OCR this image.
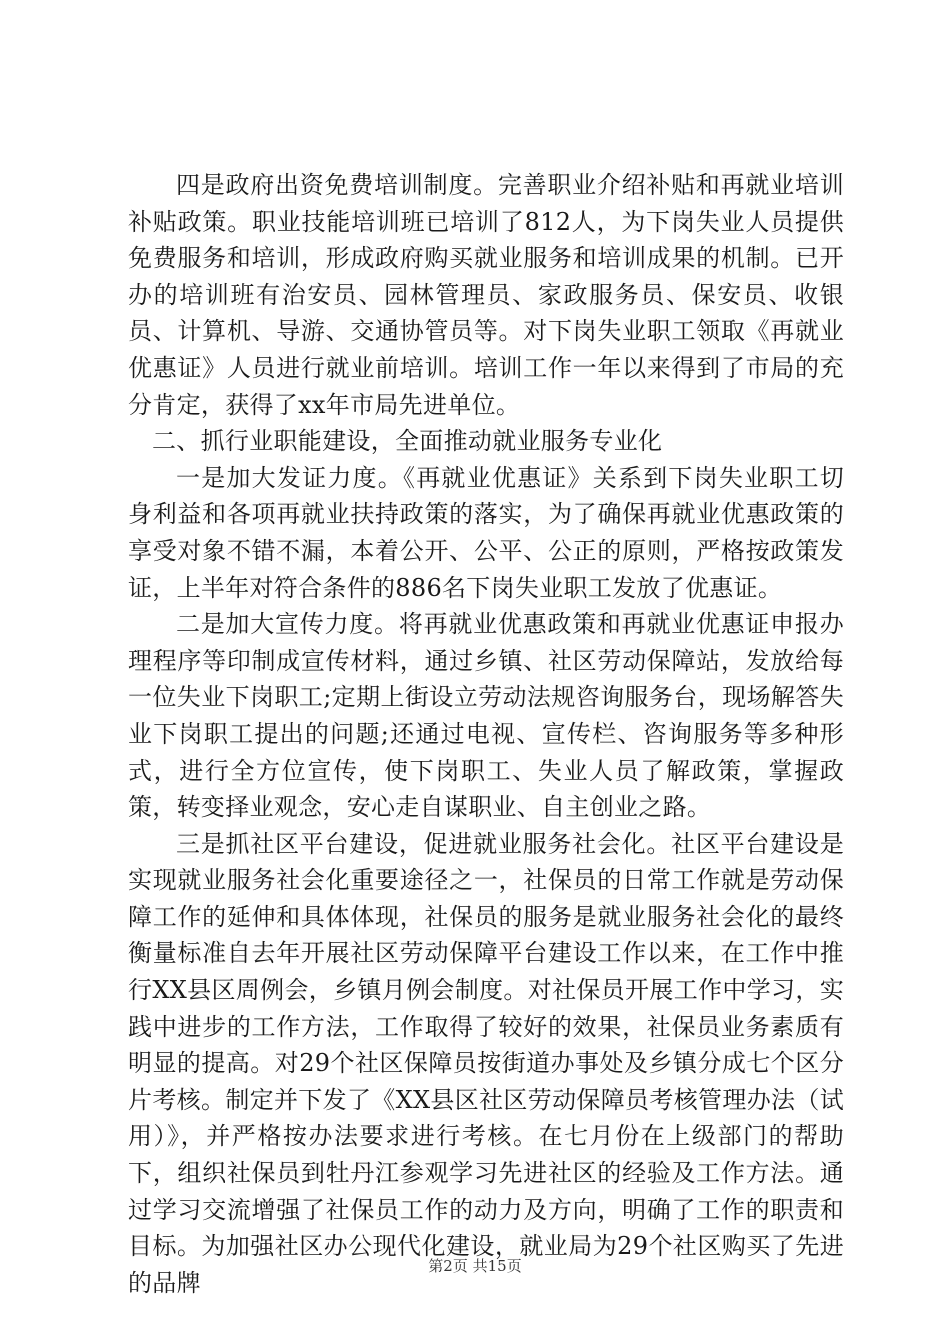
四是政府出资免费培训制度。完善职业介绍补贴和再就业培训补贴政策。职业技能培训班已培训了812人，为下岗失业人员提供免费服务和培训，形成政府购买就业服务和培训成果的机制。已开办的培训班有治安员、园林管理员、家政服务员、保安员、收银员、计算机、导游、交通协管员等。对下岗失业职工领取《再就业优惠证》人员进行就业前培训。培训工作一年以来得到了市局的充分肯定，获得了xx年市局先进单位。

二、抓行业职能建设，全面推动就业服务专业化

一是加大发证力度。《再就业优惠证》关系到下岗失业职工切身利益和各项再就业扶持政策的落实，为了确保再就业优惠政策的享受对象不错不漏，本着公开、公平、公正的原则，严格按政策发证，上半年对符合条件的886名下岗失业职工发放了优惠证。

二是加大宣传力度。将再就业优惠政策和再就业优惠证申报办理程序等印制成宣传材料，通过乡镇、社区劳动保障站，发放给每一位失业下岗职工;定期上街设立劳动法规咨询服务台，现场解答失业下岗职工提出的问题;还通过电视、宣传栏、咨询服务等多种形式，进行全方位宣传，使下岗职工、失业人员了解政策，掌握政策，转变择业观念，安心走自谋职业、自主创业之路。

三是抓社区平台建设，促进就业服务社会化。社区平台建设是实现就业服务社会化重要途径之一，社保员的日常工作就是劳动保障工作的延伸和具体体现，社保员的服务是就业服务社会化的最终衡量标准自去年开展社区劳动保障平台建设工作以来，在工作中推行XX县区周例会，乡镇月例会制度。对社保员开展工作中学习，实践中进步的工作方法，工作取得了较好的效果，社保员业务素质有明显的提高。对29个社区保障员按街道办事处及乡镇分成七个区分片考核。制定并下发了《XX县区社区劳动保障员考核管理办法（试用）》，并严格按办法要求进行考核。在七月份在上级部门的帮助下，组织社保员到牡丹江参观学习先进社区的经验及工作方法。通过学习交流增强了社保员工作的动力及方向，明确了工作的职责和目标。为加强社区办公现代化建设，就业局为29个社区购买了先进的品牌

第2页 共15页
